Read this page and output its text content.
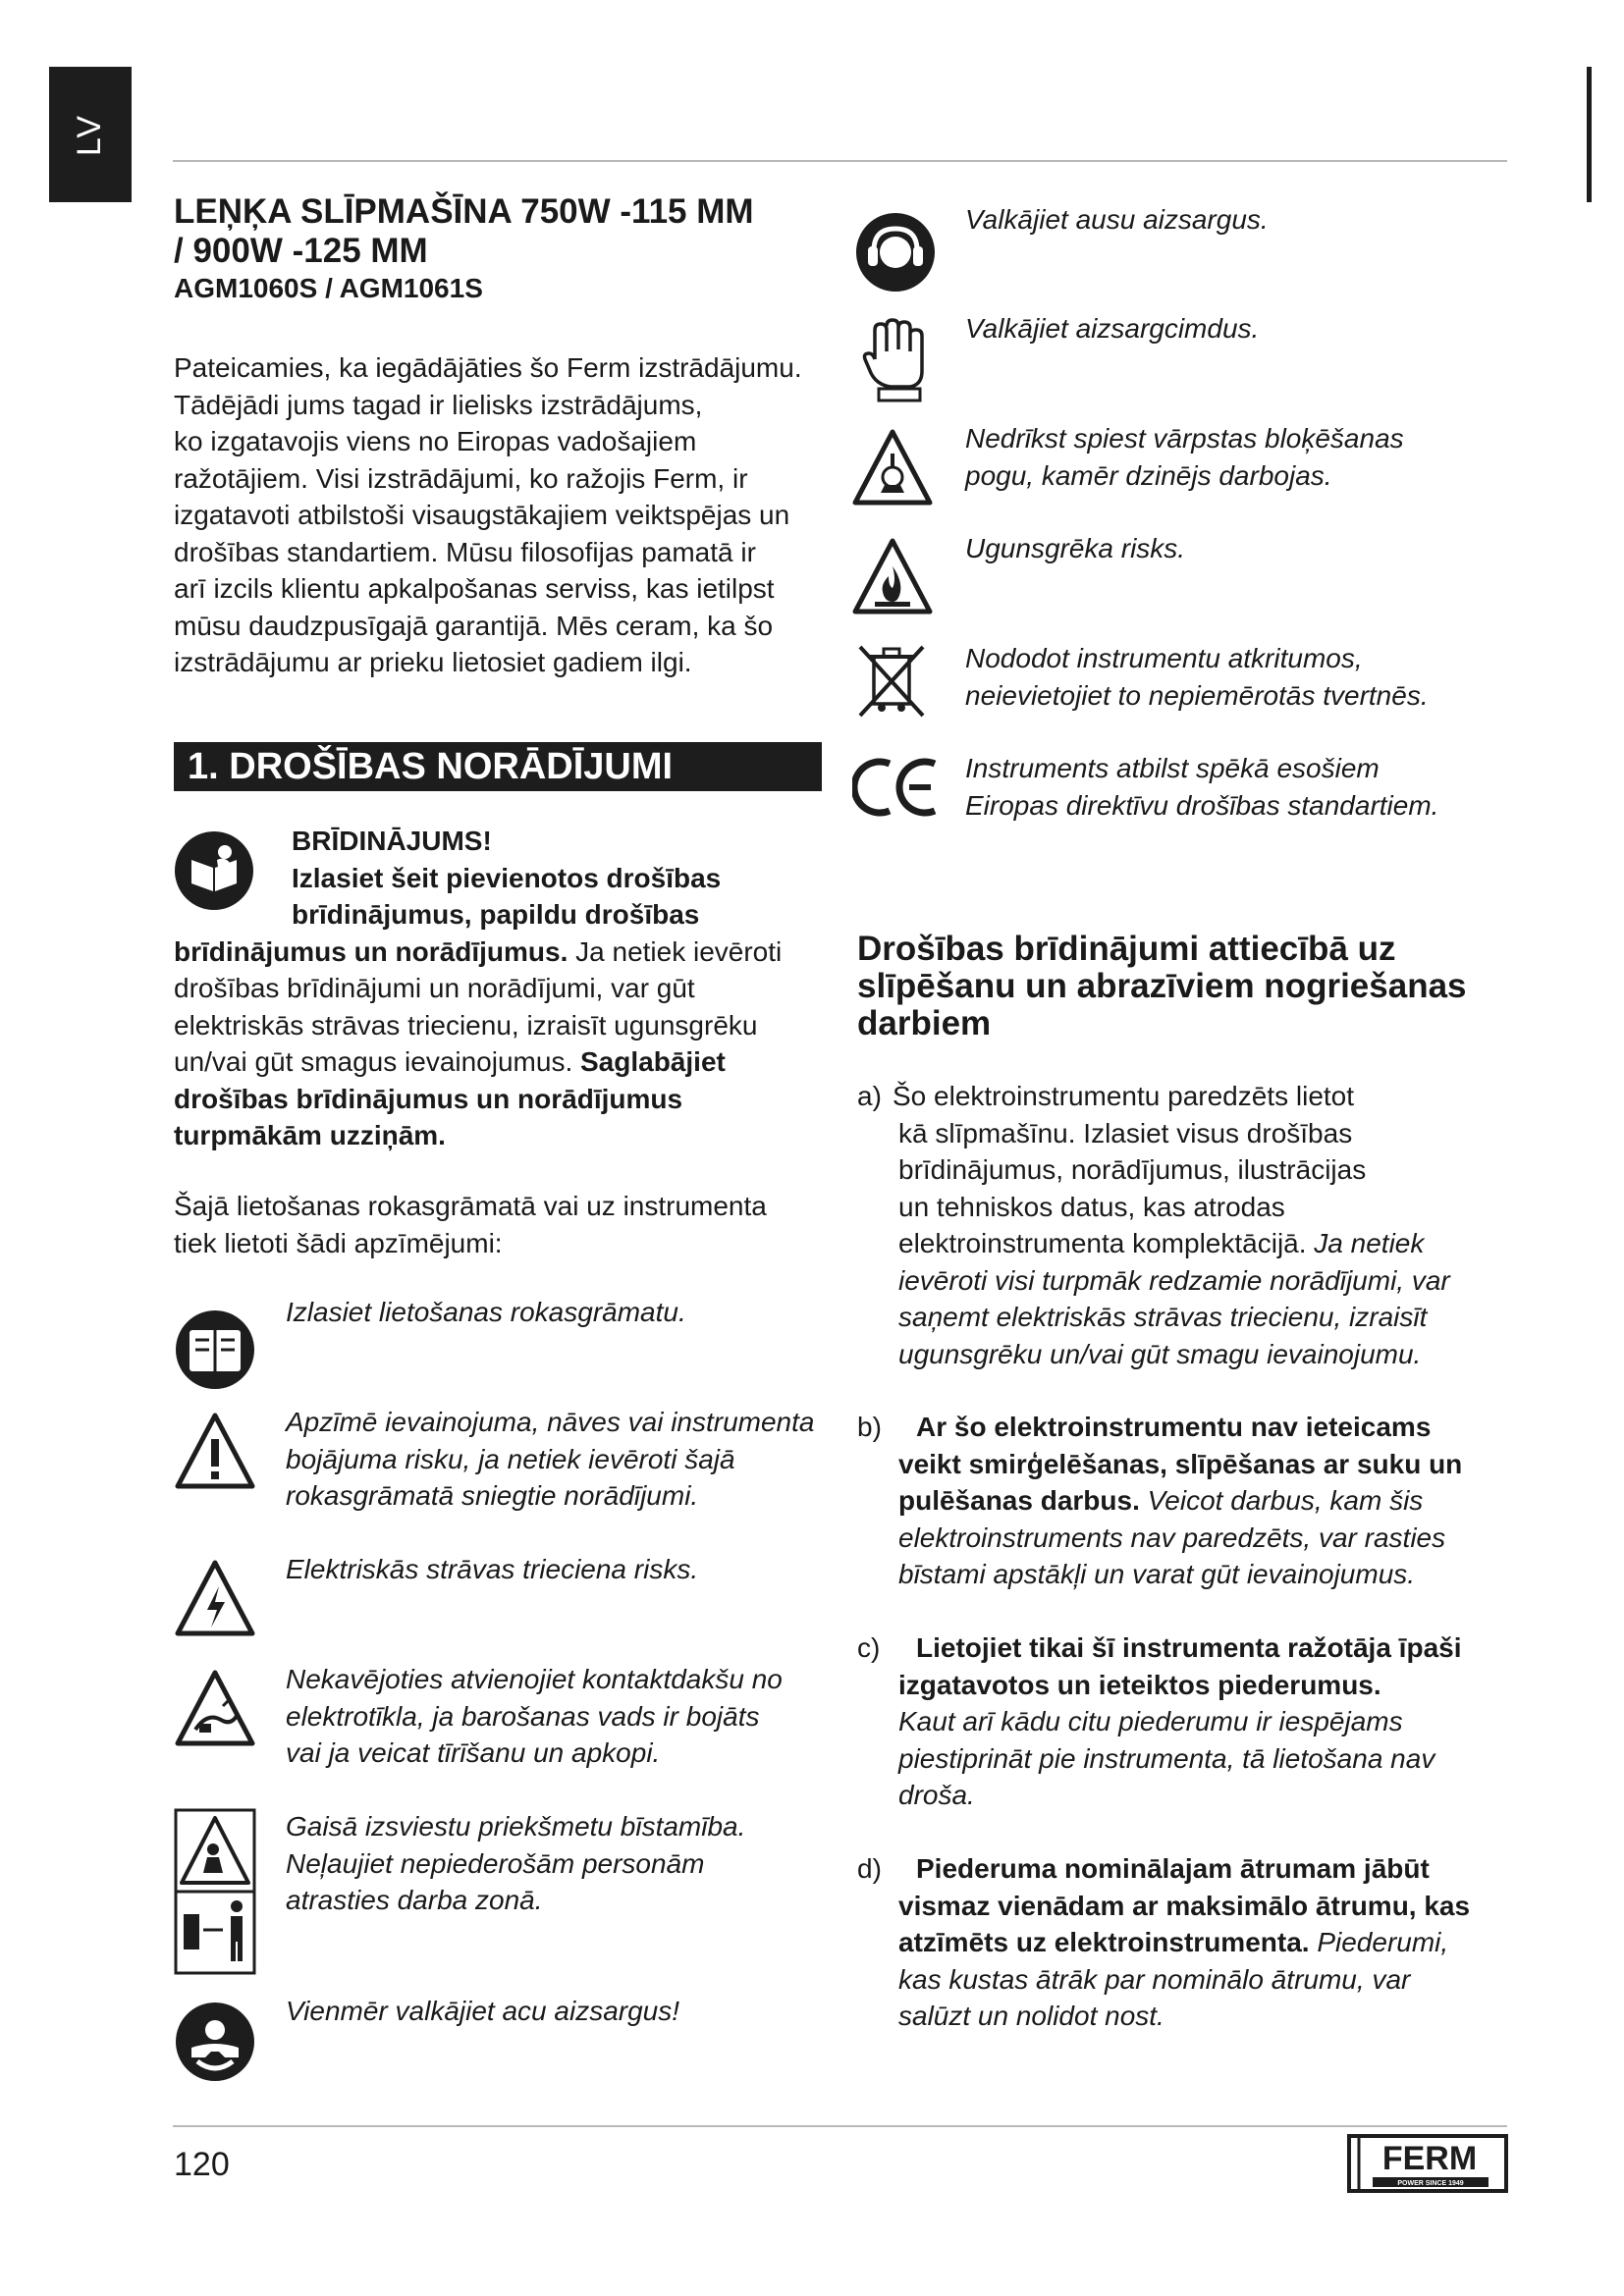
LV

LEŅĶA SLĪPMAŠĪNA 750W -115 MM
/ 900W -125 MM

AGM1060S / AGM1061S

Pateicamies, ka iegādājāties šo Ferm izstrādājumu.
Tādējādi jums tagad ir lielisks izstrādājums,
ko izgatavojis viens no Eiropas vadošajiem
ražotājiem. Visi izstrādājumi, ko ražojis Ferm, ir
izgatavoti atbilstoši visaugstākajiem veiktspējas un
drošības standartiem. Mūsu filosofijas pamatā ir
arī izcils klientu apkalpošanas serviss, kas ietilpst
mūsu daudzpusīgajā garantijā. Mēs ceram, ka šo
izstrādājumu ar prieku lietosiet gadiem ilgi.

1. DROŠĪBAS NORĀDĪJUMI
BRĪDINĀJUMS!
Izlasiet šeit pievienotos drošības
brīdinājumus, papildu drošības
brīdinājumus un norādījumus. Ja netiek ievēroti
drošības brīdinājumi un norādījumi, var gūt
elektriskās strāvas triecienu, izraisīt ugunsgrēku
un/vai gūt smagus ievainojumus. Saglabājiet
drošības brīdinājumus un norādījumus
turpmākām uzziņām.
Šajā lietošanas rokasgrāmatā vai uz instrumenta
tiek lietoti šādi apzīmējumi:
Izlasiet lietošanas rokasgrāmatu.
Apzīmē ievainojuma, nāves vai instrumenta
bojājuma risku, ja netiek ievēroti šajā
rokasgrāmatā sniegtie norādījumi.
Elektriskās strāvas trieciena risks.
Nekavējoties atvienojiet kontaktdakšu no
elektrotīkla, ja barošanas vads ir bojāts
vai ja veicat tīrīšanu un apkopi.
Gaisā izsviestu priekšmetu bīstamība.
Neļaujiet nepiederošām personām
atrasties darba zonā.
Vienmēr valkājiet acu aizsargus!
Valkājiet ausu aizsargus.
Valkājiet aizsargcimdus.
Nedrīkst spiest vārpstas bloķēšanas
pogu, kamēr dzinējs darbojas.
Ugunsgrēka risks.
Nododot instrumentu atkritumos,
neievietojiet to nepiemērotās tvertnēs.
Instruments atbilst spēkā esošiem
Eiropas direktīvu drošības standartiem.
Drošības brīdinājumi attiecībā uz
slīpēšanu un abrazīviem nogriešanas
darbiem
a) Šo elektroinstrumentu paredzēts lietot
kā slīpmašīnu. Izlasiet visus drošības
brīdinājumus, norādījumus, ilustrācijas
un tehniskos datus, kas atrodas
elektroinstrumenta komplektācijā. Ja netiek
ievēroti visi turpmāk redzamie norādījumi, var
saņemt elektriskās strāvas triecienu, izraisīt
ugunsgrēku un/vai gūt smagu ievainojumu.
b) Ar šo elektroinstrumentu nav ieteicams
veikt smirģelēšanas, slīpēšanas ar suku un
pulēšanas darbus. Veicot darbus, kam šis
elektroinstruments nav paredzēts, var rasties
bīstami apstākļi un varat gūt ievainojumus.
c) Lietojiet tikai šī instrumenta ražotāja īpaši
izgatavotos un ieteiktos piederumus.
Kaut arī kādu citu piederumu ir iespējams
piestiprināt pie instrumenta, tā lietošana nav
droša.
d) Piederuma nominālajam ātrumam jābūt
vismaz vienādam ar maksimālo ātrumu, kas
atzīmēts uz elektroinstrumenta. Piederumi,
kas kustas ātrāk par nominālo ātrumu, var
salūzt un nolidot nost.
120	FERM
POWER SINCE 1949
